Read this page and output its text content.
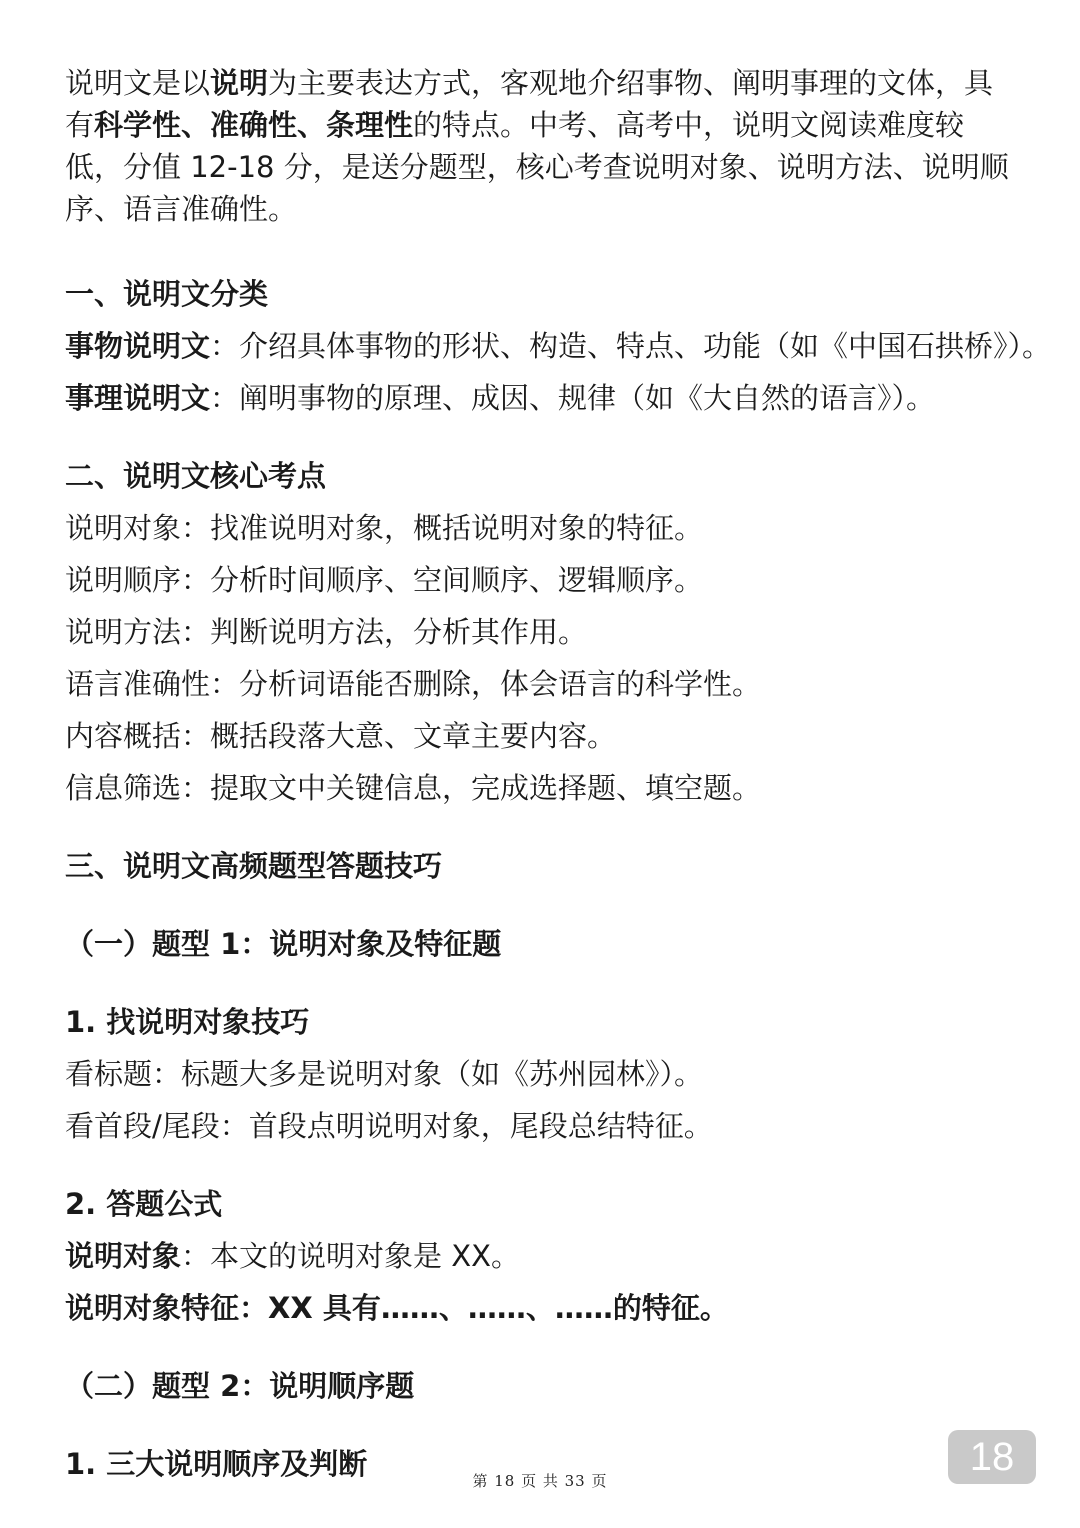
说明文是以说明为主要表达方式，客观地介绍事物、阐明事理的文体，具有科学性、准确性、条理性的特点。中考、高考中，说明文阅读难度较低，分值 12-18 分，是送分题型，核心考查说明对象、说明方法、说明顺序、语言准确性。

一、说明文分类
事物说明文：介绍具体事物的形状、构造、特点、功能（如《中国石拱桥》）。
事理说明文：阐明事物的原理、成因、规律（如《大自然的语言》）。
二、说明文核心考点
说明对象：找准说明对象，概括说明对象的特征。
说明顺序：分析时间顺序、空间顺序、逻辑顺序。
说明方法：判断说明方法，分析其作用。
语言准确性：分析词语能否删除，体会语言的科学性。
内容概括：概括段落大意、文章主要内容。
信息筛选：提取文中关键信息，完成选择题、填空题。
三、说明文高频题型答题技巧
（一）题型 1：说明对象及特征题
1. 找说明对象技巧
看标题：标题大多是说明对象（如《苏州园林》）。
看首段/尾段：首段点明说明对象，尾段总结特征。
2. 答题公式
说明对象：本文的说明对象是 XX。
说明对象特征：XX 具有……、……、……的特征。
（二）题型 2：说明顺序题
1. 三大说明顺序及判断	18
第 18 页 共 33 页
